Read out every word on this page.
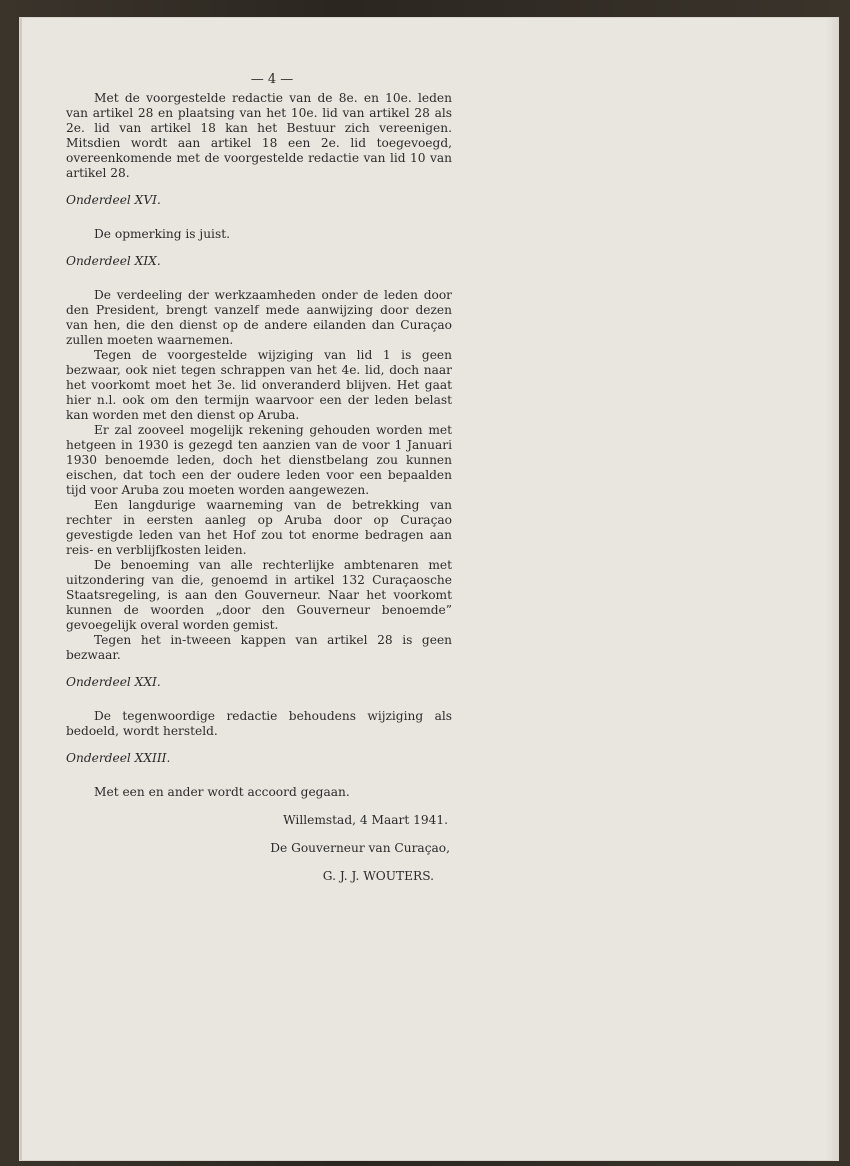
— 4 —

Met de voorgestelde redactie van de 8e. en 10e. leden van artikel 28 en plaatsing van het 10e. lid van artikel 28 als 2e. lid van artikel 18 kan het Bestuur zich vereenigen. Mitsdien wordt aan artikel 18 een 2e. lid toegevoegd, overeenkomende met de voorgestelde redactie van lid 10 van artikel 28.

Onderdeel XVI.

De opmerking is juist.

Onderdeel XIX.

De verdeeling der werkzaamheden onder de leden door den President, brengt vanzelf mede aanwijzing door dezen van hen, die den dienst op de andere eilanden dan Curaçao zullen moeten waarnemen.

Tegen de voorgestelde wijziging van lid 1 is geen bezwaar, ook niet tegen schrappen van het 4e. lid, doch naar het voorkomt moet het 3e. lid onveranderd blijven. Het gaat hier n.l. ook om den termijn waarvoor een der leden belast kan worden met den dienst op Aruba.

Er zal zooveel mogelijk rekening gehouden worden met hetgeen in 1930 is gezegd ten aanzien van de voor 1 Januari 1930 benoemde leden, doch het dienstbelang zou kunnen eischen, dat toch een der oudere leden voor een bepaalden tijd voor Aruba zou moeten worden aangewezen.

Een langdurige waarneming van de betrekking van rechter in eersten aanleg op Aruba door op Curaçao gevestigde leden van het Hof zou tot enorme bedragen aan reis- en verblijfkosten leiden.

De benoeming van alle rechterlijke ambtenaren met uitzondering van die, genoemd in artikel 132 Curaçaosche Staatsregeling, is aan den Gouverneur. Naar het voorkomt kunnen de woorden „door den Gouverneur benoemde” gevoegelijk overal worden gemist.

Tegen het in-tweeen kappen van artikel 28 is geen bezwaar.

Onderdeel XXI.

De tegenwoordige redactie behoudens wijziging als bedoeld, wordt hersteld.

Onderdeel XXIII.

Met een en ander wordt accoord gegaan.

Willemstad, 4 Maart 1941.

De Gouverneur van Curaçao,

G. J. J. WOUTERS.
